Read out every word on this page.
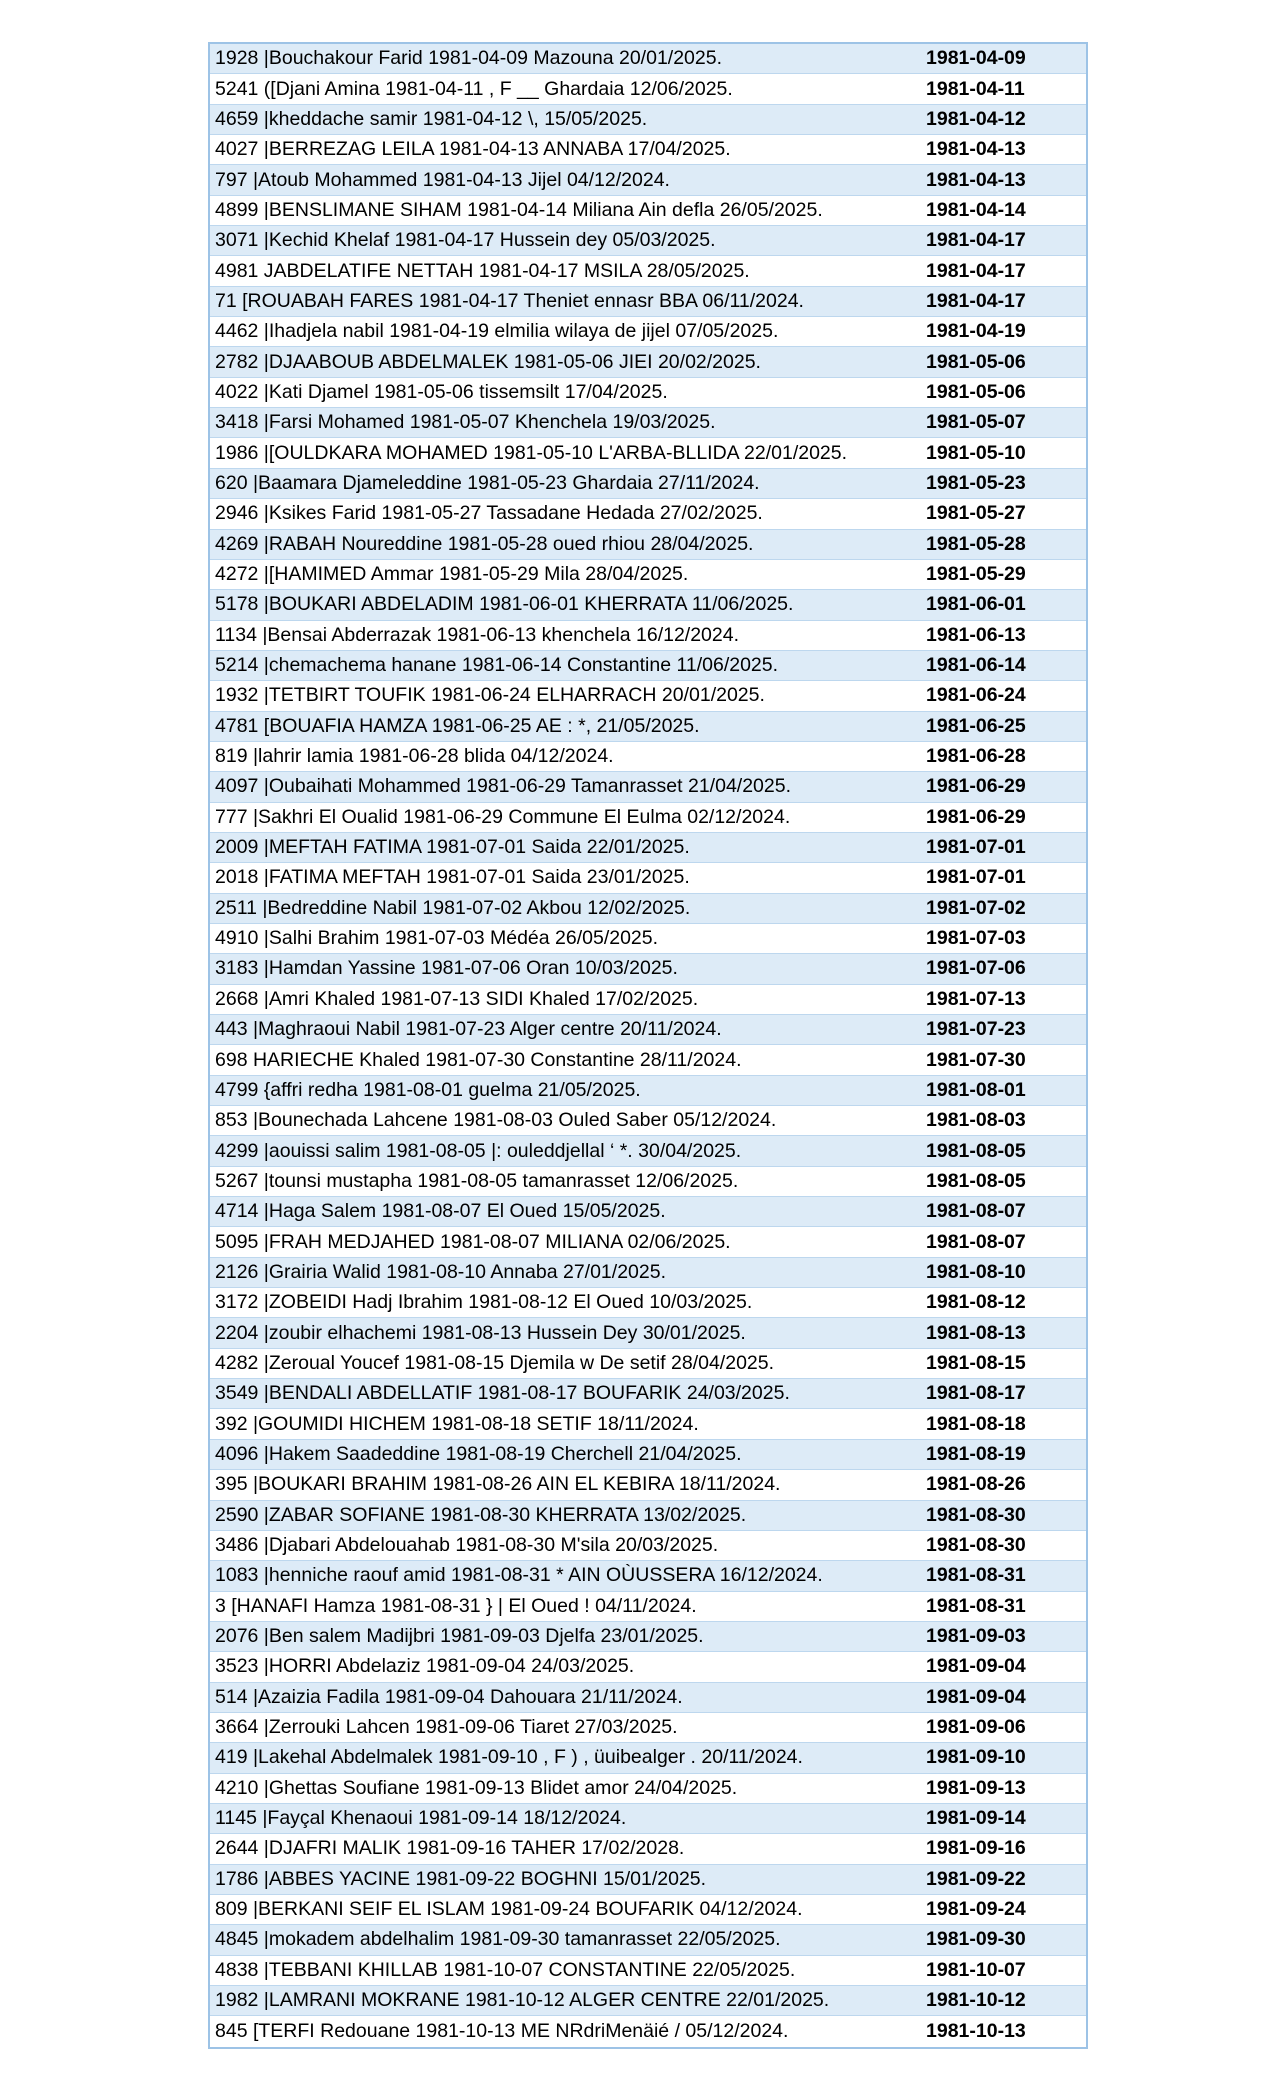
1928 |Bouchakour Farid 1981-04-09 Mazouna 20/01/2025.	1981-04-09
5241 ([Djani Amina 1981-04-11 , F __ Ghardaia 12/06/2025.	1981-04-11
4659 |kheddache samir 1981-04-12 \, 15/05/2025.	1981-04-12
4027 |BERREZAG LEILA 1981-04-13 ANNABA 17/04/2025.	1981-04-13
797 |Atoub Mohammed 1981-04-13 Jijel 04/12/2024.	1981-04-13
4899 |BENSLIMANE SIHAM 1981-04-14 Miliana Ain defla 26/05/2025.	1981-04-14
3071 |Kechid Khelaf 1981-04-17 Hussein dey 05/03/2025.	1981-04-17
4981 JABDELATIFE NETTAH 1981-04-17 MSILA 28/05/2025.	1981-04-17
71 [ROUABAH FARES 1981-04-17 Theniet ennasr BBA 06/11/2024.	1981-04-17
4462 |Ihadjela nabil 1981-04-19 elmilia wilaya de jijel 07/05/2025.	1981-04-19
2782 |DJAABOUB ABDELMALEK 1981-05-06 JIEI 20/02/2025.	1981-05-06
4022 |Kati Djamel 1981-05-06 tissemsilt 17/04/2025.	1981-05-06
3418 |Farsi Mohamed 1981-05-07 Khenchela 19/03/2025.	1981-05-07
1986 |[OULDKARA MOHAMED 1981-05-10 L'ARBA-BLLIDA 22/01/2025.	1981-05-10
620 |Baamara Djameleddine 1981-05-23 Ghardaia 27/11/2024.	1981-05-23
2946 |Ksikes Farid 1981-05-27 Tassadane Hedada 27/02/2025.	1981-05-27
4269 |RABAH Noureddine 1981-05-28 oued rhiou 28/04/2025.	1981-05-28
4272 |[HAMIMED Ammar 1981-05-29 Mila 28/04/2025.	1981-05-29
5178 |BOUKARI ABDELADIM 1981-06-01 KHERRATA 11/06/2025.	1981-06-01
1134 |Bensai Abderrazak 1981-06-13 khenchela 16/12/2024.	1981-06-13
5214 |chemachema hanane 1981-06-14 Constantine 11/06/2025.	1981-06-14
1932 |TETBIRT TOUFIK 1981-06-24 ELHARRACH 20/01/2025.	1981-06-24
4781 [BOUAFIA HAMZA 1981-06-25 AE : *, 21/05/2025.	1981-06-25
819 |lahrir lamia 1981-06-28 blida 04/12/2024.	1981-06-28
4097 |Oubaihati Mohammed 1981-06-29 Tamanrasset 21/04/2025.	1981-06-29
777 |Sakhri El Oualid 1981-06-29 Commune El Eulma 02/12/2024.	1981-06-29
2009 |MEFTAH FATIMA 1981-07-01 Saida 22/01/2025.	1981-07-01
2018 |FATIMA MEFTAH 1981-07-01 Saida 23/01/2025.	1981-07-01
2511 |Bedreddine Nabil 1981-07-02 Akbou 12/02/2025.	1981-07-02
4910 |Salhi Brahim 1981-07-03 Médéa 26/05/2025.	1981-07-03
3183 |Hamdan Yassine 1981-07-06 Oran 10/03/2025.	1981-07-06
2668 |Amri Khaled 1981-07-13 SIDI Khaled 17/02/2025.	1981-07-13
443 |Maghraoui Nabil 1981-07-23 Alger centre 20/11/2024.	1981-07-23
698 HARIECHE Khaled 1981-07-30 Constantine 28/11/2024.	1981-07-30
4799 {affri redha 1981-08-01 guelma 21/05/2025.	1981-08-01
853 |Bounechada Lahcene 1981-08-03 Ouled Saber 05/12/2024.	1981-08-03
4299 |aouissi salim 1981-08-05 |: ouleddjellal ‘ *. 30/04/2025.	1981-08-05
5267 |tounsi mustapha 1981-08-05 tamanrasset 12/06/2025.	1981-08-05
4714 |Haga Salem 1981-08-07 El Oued 15/05/2025.	1981-08-07
5095 |FRAH MEDJAHED 1981-08-07 MILIANA 02/06/2025.	1981-08-07
2126 |Grairia Walid 1981-08-10 Annaba 27/01/2025.	1981-08-10
3172 |ZOBEIDI Hadj Ibrahim 1981-08-12 El Oued 10/03/2025.	1981-08-12
2204 |zoubir elhachemi 1981-08-13 Hussein Dey 30/01/2025.	1981-08-13
4282 |Zeroual Youcef 1981-08-15 Djemila w De setif 28/04/2025.	1981-08-15
3549 |BENDALI ABDELLATIF 1981-08-17 BOUFARIK 24/03/2025.	1981-08-17
392 |GOUMIDI HICHEM 1981-08-18 SETIF 18/11/2024.	1981-08-18
4096 |Hakem Saadeddine 1981-08-19 Cherchell 21/04/2025.	1981-08-19
395 |BOUKARI BRAHIM 1981-08-26 AIN EL KEBIRA 18/11/2024.	1981-08-26
2590 |ZABAR SOFIANE 1981-08-30 KHERRATA 13/02/2025.	1981-08-30
3486 |Djabari Abdelouahab 1981-08-30 M'sila 20/03/2025.	1981-08-30
1083 |henniche raouf amid 1981-08-31 * AIN OÙUSSERA 16/12/2024.	1981-08-31
3 [HANAFI Hamza 1981-08-31 } | El Oued ! 04/11/2024.	1981-08-31
2076 |Ben salem Madijbri 1981-09-03 Djelfa 23/01/2025.	1981-09-03
3523 |HORRI Abdelaziz 1981-09-04 24/03/2025.	1981-09-04
514 |Azaizia Fadila 1981-09-04 Dahouara 21/11/2024.	1981-09-04
3664 |Zerrouki Lahcen 1981-09-06 Tiaret 27/03/2025.	1981-09-06
419 |Lakehal Abdelmalek 1981-09-10 , F ) , üuibealger . 20/11/2024.	1981-09-10
4210 |Ghettas Soufiane 1981-09-13 Blidet amor 24/04/2025.	1981-09-13
1145 |Fayçal Khenaoui 1981-09-14 18/12/2024.	1981-09-14
2644 |DJAFRI MALIK 1981-09-16 TAHER 17/02/2028.	1981-09-16
1786 |ABBES YACINE 1981-09-22 BOGHNI 15/01/2025.	1981-09-22
809 |BERKANI SEIF EL ISLAM 1981-09-24 BOUFARIK 04/12/2024.	1981-09-24
4845 |mokadem abdelhalim 1981-09-30 tamanrasset 22/05/2025.	1981-09-30
4838 |TEBBANI KHILLAB 1981-10-07 CONSTANTINE 22/05/2025.	1981-10-07
1982 |LAMRANI MOKRANE 1981-10-12 ALGER CENTRE 22/01/2025.	1981-10-12
845 [TERFI Redouane 1981-10-13 ME NRdriMenäié / 05/12/2024.	1981-10-13
